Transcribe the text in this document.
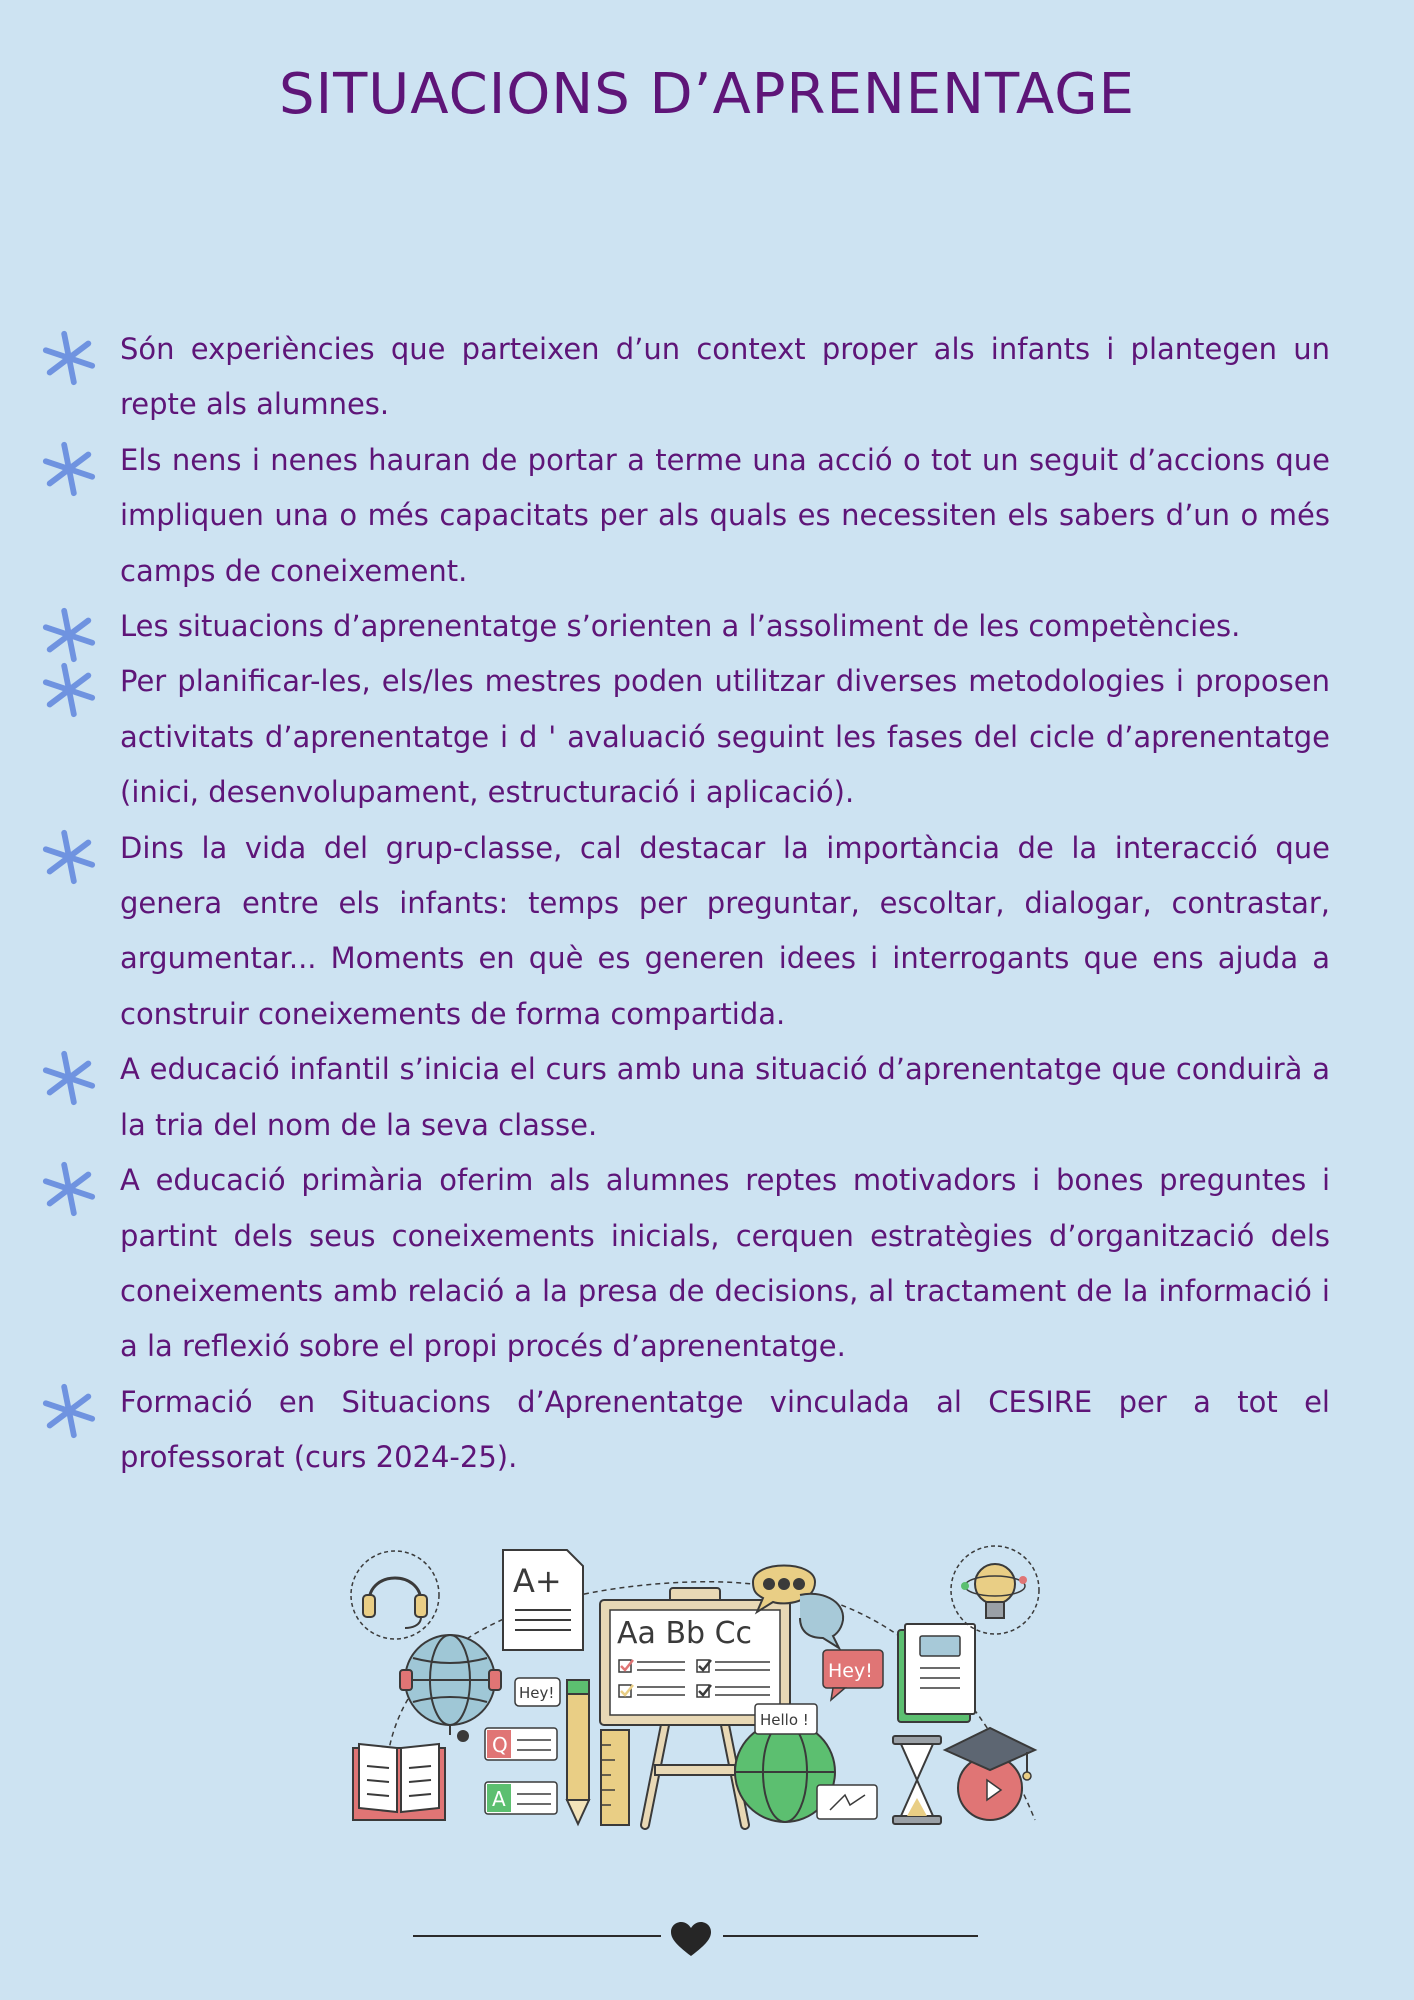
SITUACIONS D’APRENENTAGE
Són experiències que parteixen d’un context proper als infants i plantegen un repte als alumnes.
Els nens i nenes hauran de portar a terme una acció o tot un seguit d’accions que impliquen una o més capacitats per als quals es necessiten els sabers d’un o més camps de coneixement.
Les situacions d’aprenentatge s’orienten a l’assoliment de les competències.
Per planificar-les, els/les mestres poden utilitzar diverses metodologies i proposen activitats d’aprenentatge i d ' avaluació seguint les fases del cicle d’aprenentatge (inici, desenvolupament, estructuració i aplicació).
Dins la vida del grup-classe, cal destacar la importància de la interacció que genera entre els infants: temps per preguntar, escoltar, dialogar, contrastar, argumentar... Moments en què es generen idees i interrogants que ens ajuda a construir coneixements de forma compartida.
A educació infantil s’inicia el curs amb una situació d’aprenentatge que conduirà a la tria del nom de la seva classe.
A educació primària oferim als alumnes reptes motivadors i bones preguntes i partint dels seus coneixements inicials, cerquen estratègies d’organització dels coneixements amb relació a la presa de decisions, al tractament de la informació i a la reflexió sobre el propi procés d’aprenentatge.
Formació en Situacions d’Aprenentatge vinculada al CESIRE per a tot el professorat (curs 2024-25).
A+
Hey!
Q
A
Aa Bb Cc
Hey!
Hello !
